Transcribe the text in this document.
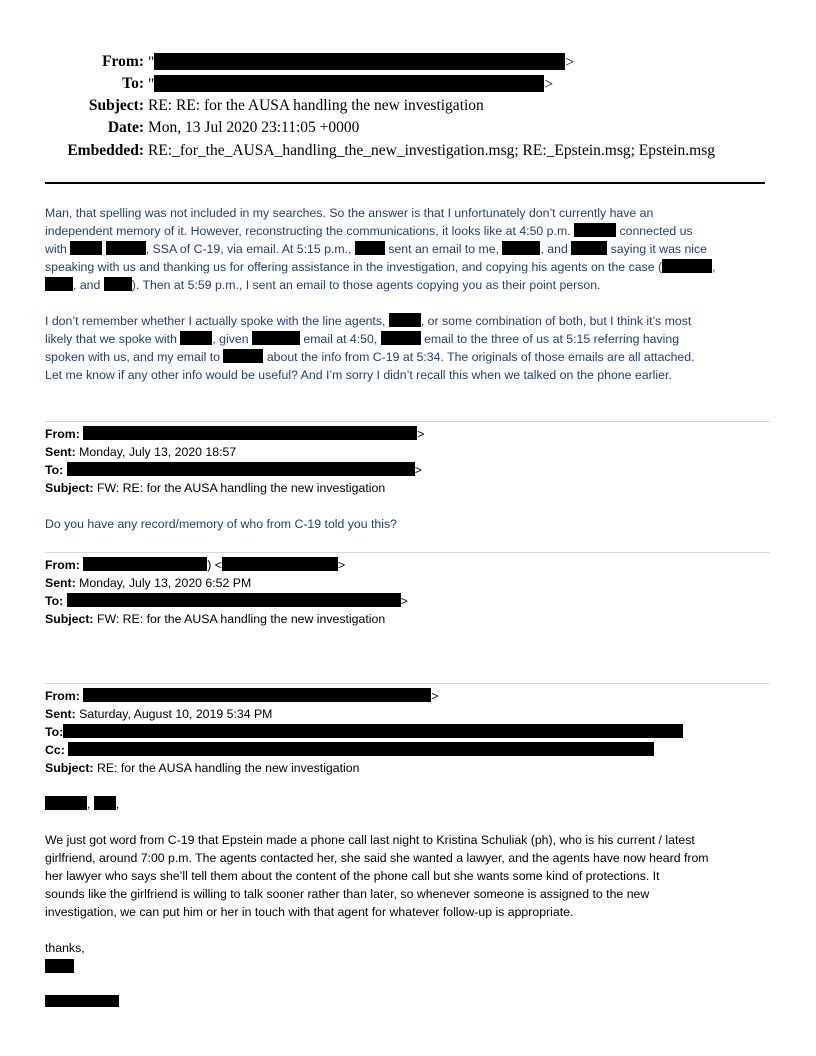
From: "	>
To: "	>
Subject: RE: RE: for the AUSA handling the new investigation
Date: Mon, 13 Jul 2020 23:11:05 +0000
Embedded: RE:_for_the_AUSA_handling_the_new_investigation.msg; RE:_Epstein.msg; Epstein.msg
Man, that spelling was not included in my searches. So the answer is that I unfortunately don’t currently have an
independent memory of it. However, reconstructing the communications, it looks like at 4:50 p.m.	connected us
with	, SSA of C-19, via email. At 5:15 p.m.,	sent an email to me,	, and	saying it was nice
speaking with us and thanking us for offering assistance in the investigation, and copying his agents on the case (	,
, and	). Then at 5:59 p.m., I sent an email to those agents copying you as their point person.
I don’t remember whether I actually spoke with the line agents,	, or some combination of both, but I think it’s most
likely that we spoke with	, given	email at 4:50,	email to the three of us at 5:15 referring having
spoken with us, and my email to	about the info from C-19 at 5:34. The originals of those emails are all attached.
Let me know if any other info would be useful? And I’m sorry I didn’t recall this when we talked on the phone earlier.
From:	>
Sent: Monday, July 13, 2020 18:57
To:	>
Subject: FW: RE: for the AUSA handling the new investigation
Do you have any record/memory of who from C-19 told you this?
From:	) <	>
Sent: Monday, July 13, 2020 6:52 PM
To:	>
Subject: FW: RE: for the AUSA handling the new investigation
From:	>
Sent: Saturday, August 10, 2019 5:34 PM
To:
Cc:
Subject: RE: for the AUSA handling the new investigation
, ,
We just got word from C-19 that Epstein made a phone call last night to Kristina Schuliak (ph), who is his current / latest
girlfriend, around 7:00 p.m. The agents contacted her, she said she wanted a lawyer, and the agents have now heard from
her lawyer who says she’ll tell them about the content of the phone call but she wants some kind of protections. It
sounds like the girlfriend is willing to talk sooner rather than later, so whenever someone is assigned to the new
investigation, we can put him or her in touch with that agent for whatever follow-up is appropriate.
thanks,
